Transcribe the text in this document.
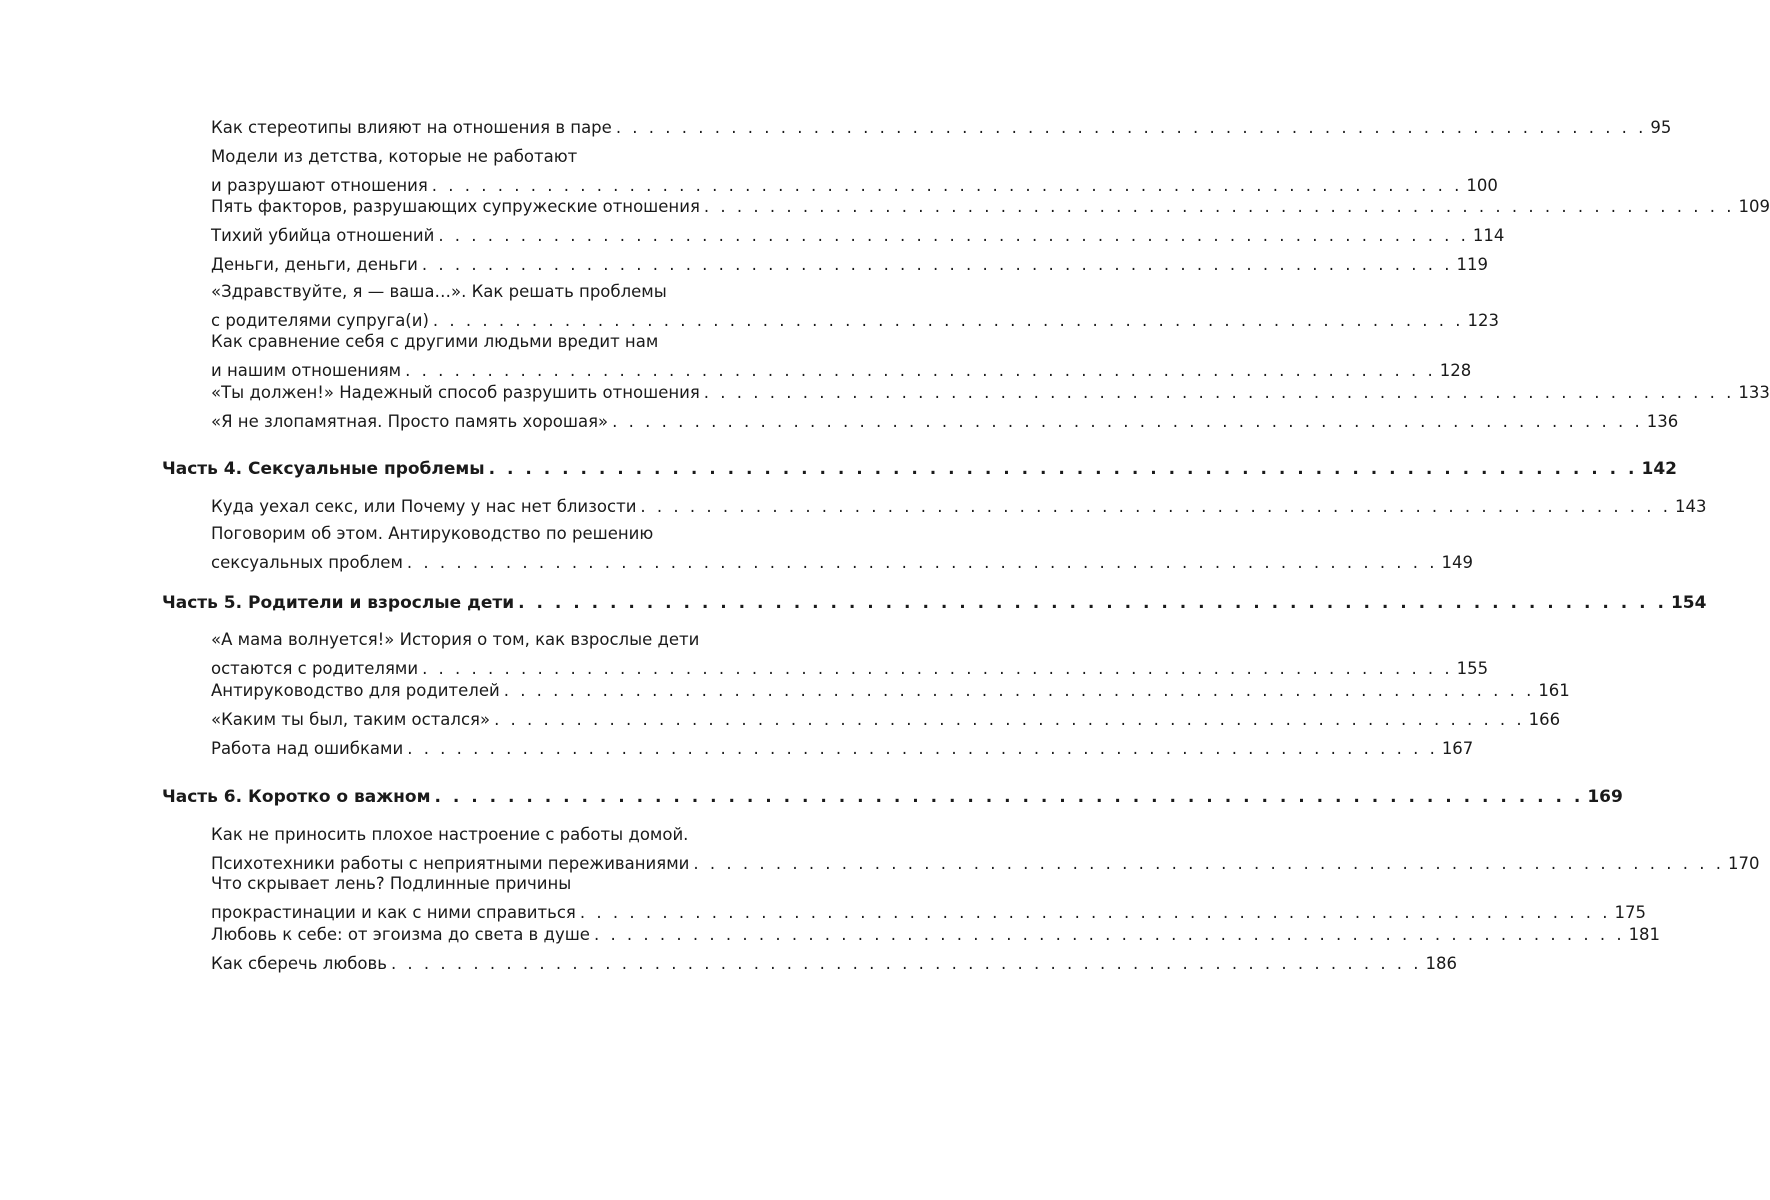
Как стереотипы влияют на отношения в паре . . . . . . . . . . . . . . . . . . . . . . . . . . . . . . . . . . . . . . . . . . . . . . . . . . . . . . . . . . . . . . . 95
Модели из детства, которые не работают
и разрушают отношения . . . . . . . . . . . . . . . . . . . . . . . . . . . . . . . . . . . . . . . . . . . . . . . . . . . . . . . . . . . . . . . 100
Пять факторов, разрушающих супружеские отношения . . . . . . . . . . . . . . . . . . . . . . . . . . . . . . . . . . . . . . . . . . . . . . . . . . . . . . . . . . . . . . . 109
Тихий убийца отношений . . . . . . . . . . . . . . . . . . . . . . . . . . . . . . . . . . . . . . . . . . . . . . . . . . . . . . . . . . . . . . . 114
Деньги, деньги, деньги . . . . . . . . . . . . . . . . . . . . . . . . . . . . . . . . . . . . . . . . . . . . . . . . . . . . . . . . . . . . . . . 119
«Здравствуйте, я — ваша…». Как решать проблемы
с родителями супруга(и) . . . . . . . . . . . . . . . . . . . . . . . . . . . . . . . . . . . . . . . . . . . . . . . . . . . . . . . . . . . . . . . 123
Как сравнение себя с другими людьми вредит нам
и нашим отношениям . . . . . . . . . . . . . . . . . . . . . . . . . . . . . . . . . . . . . . . . . . . . . . . . . . . . . . . . . . . . . . . 128
«Ты должен!» Надежный способ разрушить отношения . . . . . . . . . . . . . . . . . . . . . . . . . . . . . . . . . . . . . . . . . . . . . . . . . . . . . . . . . . . . . . . 133
«Я не злопамятная. Просто память хорошая» . . . . . . . . . . . . . . . . . . . . . . . . . . . . . . . . . . . . . . . . . . . . . . . . . . . . . . . . . . . . . . . 136
Часть 4. Сексуальные проблемы . . . . . . . . . . . . . . . . . . . . . . . . . . . . . . . . . . . . . . . . . . . . . . . . . . . . . . . . . . . . . . . 142
Куда уехал секс, или Почему у нас нет близости . . . . . . . . . . . . . . . . . . . . . . . . . . . . . . . . . . . . . . . . . . . . . . . . . . . . . . . . . . . . . . . 143
Поговорим об этом. Антируководство по решению
сексуальных проблем . . . . . . . . . . . . . . . . . . . . . . . . . . . . . . . . . . . . . . . . . . . . . . . . . . . . . . . . . . . . . . . 149
Часть 5. Родители и взрослые дети . . . . . . . . . . . . . . . . . . . . . . . . . . . . . . . . . . . . . . . . . . . . . . . . . . . . . . . . . . . . . . . 154
«А мама волнуется!» История о том, как взрослые дети
остаются с родителями . . . . . . . . . . . . . . . . . . . . . . . . . . . . . . . . . . . . . . . . . . . . . . . . . . . . . . . . . . . . . . . 155
Антируководство для родителей . . . . . . . . . . . . . . . . . . . . . . . . . . . . . . . . . . . . . . . . . . . . . . . . . . . . . . . . . . . . . . . 161
«Каким ты был, таким остался» . . . . . . . . . . . . . . . . . . . . . . . . . . . . . . . . . . . . . . . . . . . . . . . . . . . . . . . . . . . . . . . 166
Работа над ошибками . . . . . . . . . . . . . . . . . . . . . . . . . . . . . . . . . . . . . . . . . . . . . . . . . . . . . . . . . . . . . . . 167
Часть 6. Коротко о важном . . . . . . . . . . . . . . . . . . . . . . . . . . . . . . . . . . . . . . . . . . . . . . . . . . . . . . . . . . . . . . . 169
Как не приносить плохое настроение с работы домой.
Психотехники работы с неприятными переживаниями . . . . . . . . . . . . . . . . . . . . . . . . . . . . . . . . . . . . . . . . . . . . . . . . . . . . . . . . . . . . . . . 170
Что скрывает лень? Подлинные причины
прокрастинации и как с ними справиться . . . . . . . . . . . . . . . . . . . . . . . . . . . . . . . . . . . . . . . . . . . . . . . . . . . . . . . . . . . . . . . 175
Любовь к себе: от эгоизма до света в душе . . . . . . . . . . . . . . . . . . . . . . . . . . . . . . . . . . . . . . . . . . . . . . . . . . . . . . . . . . . . . . . 181
Как сберечь любовь . . . . . . . . . . . . . . . . . . . . . . . . . . . . . . . . . . . . . . . . . . . . . . . . . . . . . . . . . . . . . . . 186
